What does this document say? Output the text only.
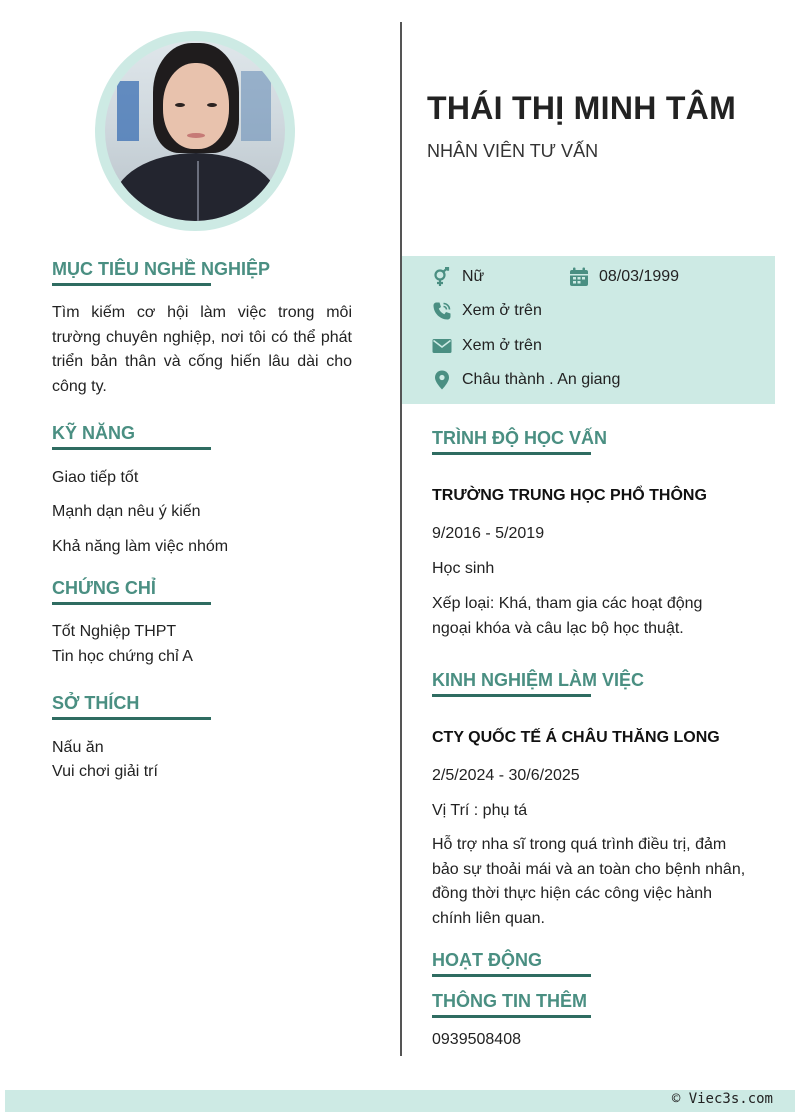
MỤC TIÊU NGHỀ NGHIỆP
Tìm kiếm cơ hội làm việc trong môi trường chuyên nghiệp, nơi tôi có thể phát triển bản thân và cống hiến lâu dài cho công ty.
KỸ NĂNG
Giao tiếp tốt
Mạnh dạn nêu ý kiến
Khả năng làm việc nhóm
CHỨNG CHỈ
Tốt Nghiệp THPT
Tin học chứng chỉ A
SỞ THÍCH
Nấu ăn
Vui chơi giải trí
THÁI THỊ MINH TÂM
NHÂN VIÊN TƯ VẤN
Nữ	08/03/1999
Xem ở trên
Xem ở trên
Châu thành . An giang
TRÌNH ĐỘ HỌC VẤN
TRƯỜNG TRUNG HỌC PHỔ THÔNG
9/2016 - 5/2019
Học sinh
Xếp loại: Khá, tham gia các hoạt động ngoại khóa và câu lạc bộ học thuật.
KINH NGHIỆM LÀM VIỆC
CTY QUỐC TẾ Á CHÂU THĂNG LONG
2/5/2024 - 30/6/2025
Vị Trí : phụ tá
Hỗ trợ nha sĩ trong quá trình điều trị, đảm bảo sự thoải mái và an toàn cho bệnh nhân, đồng thời thực hiện các công việc hành chính liên quan.
HOẠT ĐỘNG
THÔNG TIN THÊM
0939508408
© Viec3s.com
